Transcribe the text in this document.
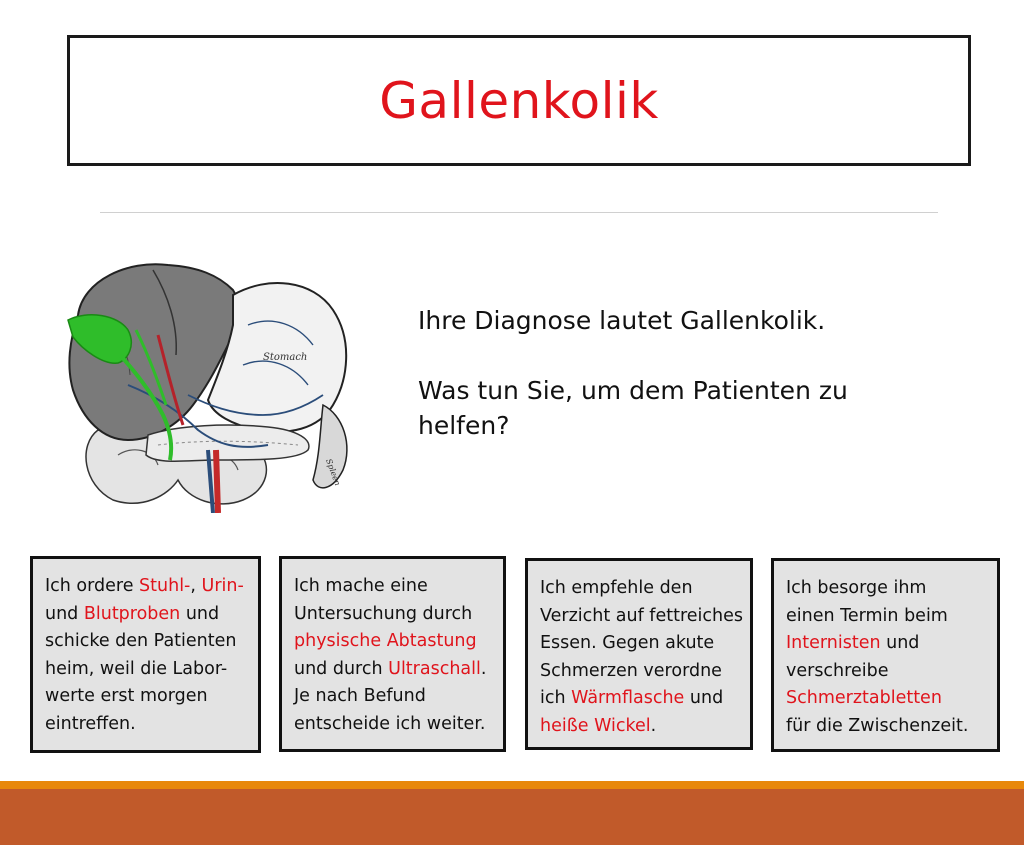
Gallenkolik
Stomach
Spleen

Ihre Diagnose lautet Gallenkolik.

Was tun Sie, um dem Patienten zu helfen?

Ich ordere Stuhl-, Urin-
und Blutproben und
schicke den Patienten
heim, weil die Labor-
werte erst morgen
eintreffen.
Ich mache eine
Untersuchung durch
physische Abtastung
und durch Ultraschall.
Je nach Befund
entscheide ich weiter.
Ich empfehle den
Verzicht auf fettreiches
Essen. Gegen akute
Schmerzen verordne
ich Wärmflasche und
heiße Wickel.
Ich besorge ihm
einen Termin beim
Internisten und
verschreibe
Schmerztabletten
für die Zwischenzeit.
